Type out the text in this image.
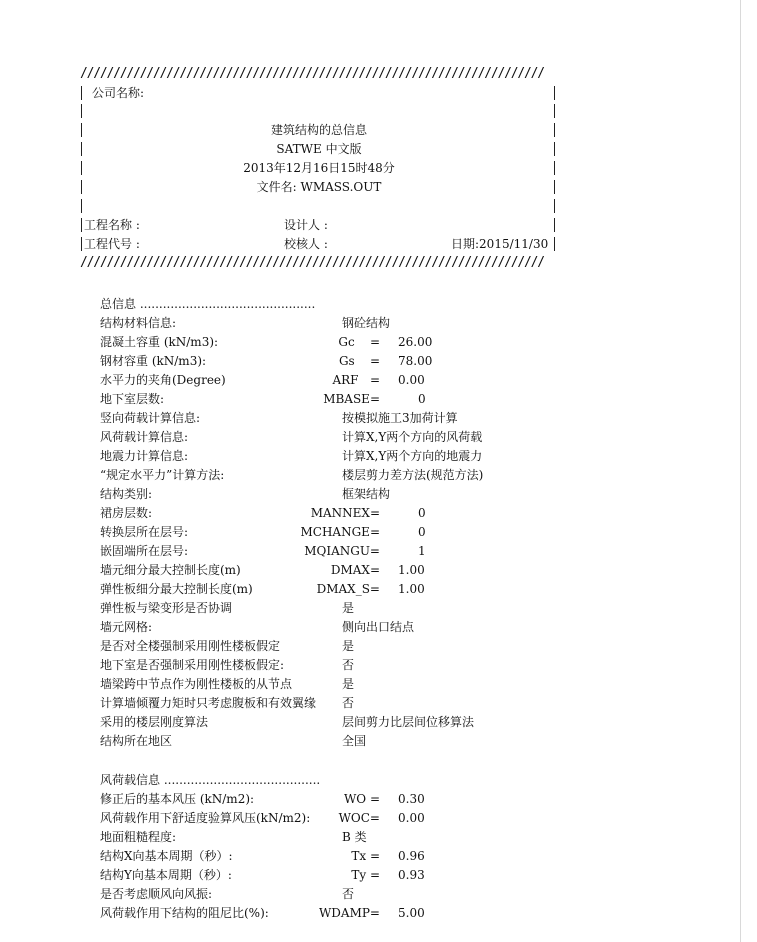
//////////////////////////////////////////////////////////////////////
公司名称:
建筑结构的总信息
SATWE 中文版
2013年12月16日15时48分
文件名: WMASS.OUT
工程名称 :	设计人 :
工程代号 :	校核人 :	日期:2015/11/30
//////////////////////////////////////////////////////////////////////
总信息 ..............................................
结构材料信息:	钢砼结构
混凝土容重 (kN/m3):	Gc    = 26.00
钢材容重 (kN/m3):	Gs    = 78.00
水平力的夹角(Degree)	ARF   = 0.00
地下室层数:	MBASE=	0
竖向荷载计算信息:	按模拟施工3加荷计算
风荷载计算信息:	计算X,Y两个方向的风荷载
地震力计算信息:	计算X,Y两个方向的地震力
“规定水平力”计算方法:	楼层剪力差方法(规范方法)
结构类别:	框架结构
裙房层数:	MANNEX=	0
转换层所在层号:	MCHANGE=	0
嵌固端所在层号:	MQIANGU=	1
墙元细分最大控制长度(m)	DMAX= 1.00
弹性板细分最大控制长度(m)	DMAX_S= 1.00
弹性板与梁变形是否协调	是
墙元网格:	侧向出口结点
是否对全楼强制采用刚性楼板假定	是
地下室是否强制采用刚性楼板假定:	否
墙梁跨中节点作为刚性楼板的从节点	是
计算墙倾覆力矩时只考虑腹板和有效翼缘 否
采用的楼层刚度算法	层间剪力比层间位移算法
结构所在地区	全国
风荷载信息 .........................................
修正后的基本风压 (kN/m2):	WO = 0.30
风荷载作用下舒适度验算风压(kN/m2):	WOC= 0.00
地面粗糙程度:	B 类
结构X向基本周期（秒）:	Tx = 0.96
结构Y向基本周期（秒）:	Ty = 0.93
是否考虑顺风向风振:	否
风荷载作用下结构的阻尼比(%):	WDAMP= 5.00
